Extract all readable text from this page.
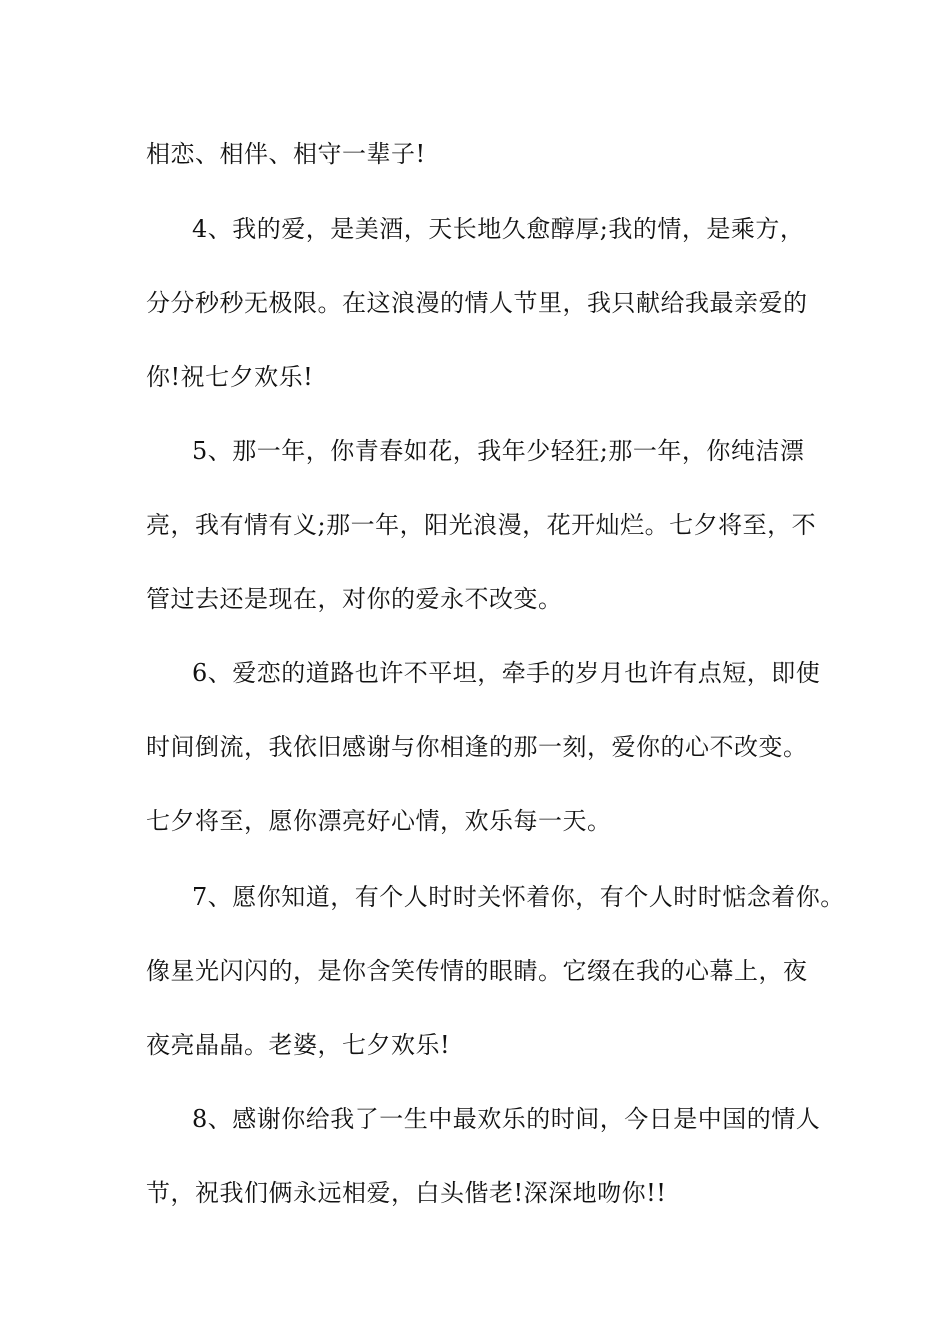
相恋、相伴、相守一辈子!
4、我的爱，是美酒，天长地久愈醇厚;我的情，是乘方，
分分秒秒无极限。在这浪漫的情人节里，我只献给我最亲爱的
你!祝七夕欢乐!
5、那一年，你青春如花，我年少轻狂;那一年，你纯洁漂
亮，我有情有义;那一年，阳光浪漫，花开灿烂。七夕将至，不
管过去还是现在，对你的爱永不改变。
6、爱恋的道路也许不平坦，牵手的岁月也许有点短，即使
时间倒流，我依旧感谢与你相逢的那一刻，爱你的心不改变。
七夕将至，愿你漂亮好心情，欢乐每一天。
7、愿你知道，有个人时时关怀着你，有个人时时惦念着你。
像星光闪闪的，是你含笑传情的眼睛。它缀在我的心幕上，夜
夜亮晶晶。老婆，七夕欢乐!
8、感谢你给我了一生中最欢乐的时间，今日是中国的情人
节，祝我们俩永远相爱，白头偕老!深深地吻你!!
